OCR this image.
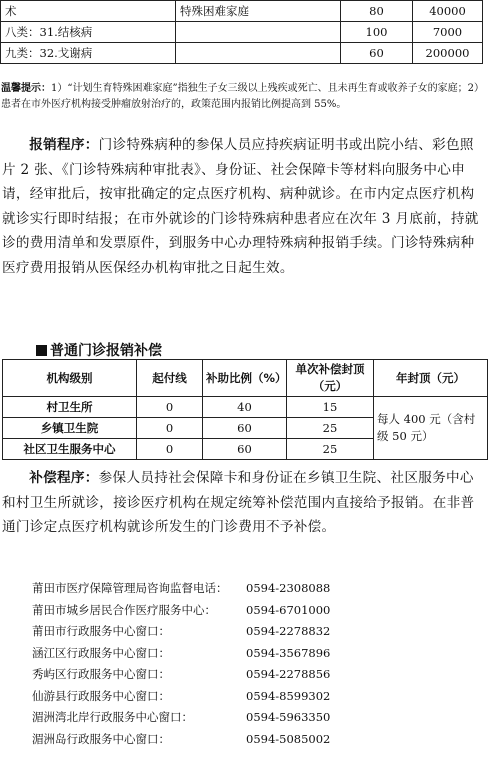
术	特殊困难家庭	80	40000
八类：31.结核病		100	7000
九类：32.戈谢病		60	200000
温馨提示：1）“计划生育特殊困难家庭”指独生子女三级以上残疾或死亡、且未再生育或收养子女的家庭；2）患者在市外医疗机构接受肿瘤放射治疗的，政策范围内报销比例提高到 55%。
报销程序：门诊特殊病种的参保人员应持疾病证明书或出院小结、彩色照片 2 张、《门诊特殊病种审批表》、身份证、社会保障卡等材料向服务中心申请，经审批后，按审批确定的定点医疗机构、病种就诊。在市内定点医疗机构就诊实行即时结报；在市外就诊的门诊特殊病种患者应在次年 3 月底前，持就诊的费用清单和发票原件，到服务中心办理特殊病种报销手续。门诊特殊病种医疗费用报销从医保经办机构审批之日起生效。
普通门诊报销补偿
机构级别	起付线	补助比例（%）	单次补偿封顶（元）	年封顶（元）
村卫生所	0	40	15	每人 400 元（含村级 50 元）
乡镇卫生院	0	60	25	
社区卫生服务中心	0	60	25	
补偿程序：参保人员持社会保障卡和身份证在乡镇卫生院、社区服务中心和村卫生所就诊，接诊医疗机构在规定统筹补偿范围内直接给予报销。在非普通门诊定点医疗机构就诊所发生的门诊费用不予补偿。
莆田市医疗保障管理局咨询监督电话：	0594-2308088
莆田市城乡居民合作医疗服务中心：	0594-6701000
莆田市行政服务中心窗口：	0594-2278832
涵江区行政服务中心窗口：	0594-3567896
秀屿区行政服务中心窗口：	0594-2278856
仙游县行政服务中心窗口：	0594-8599302
湄洲湾北岸行政服务中心窗口：	0594-5963350
湄洲岛行政服务中心窗口：	0594-5085002
